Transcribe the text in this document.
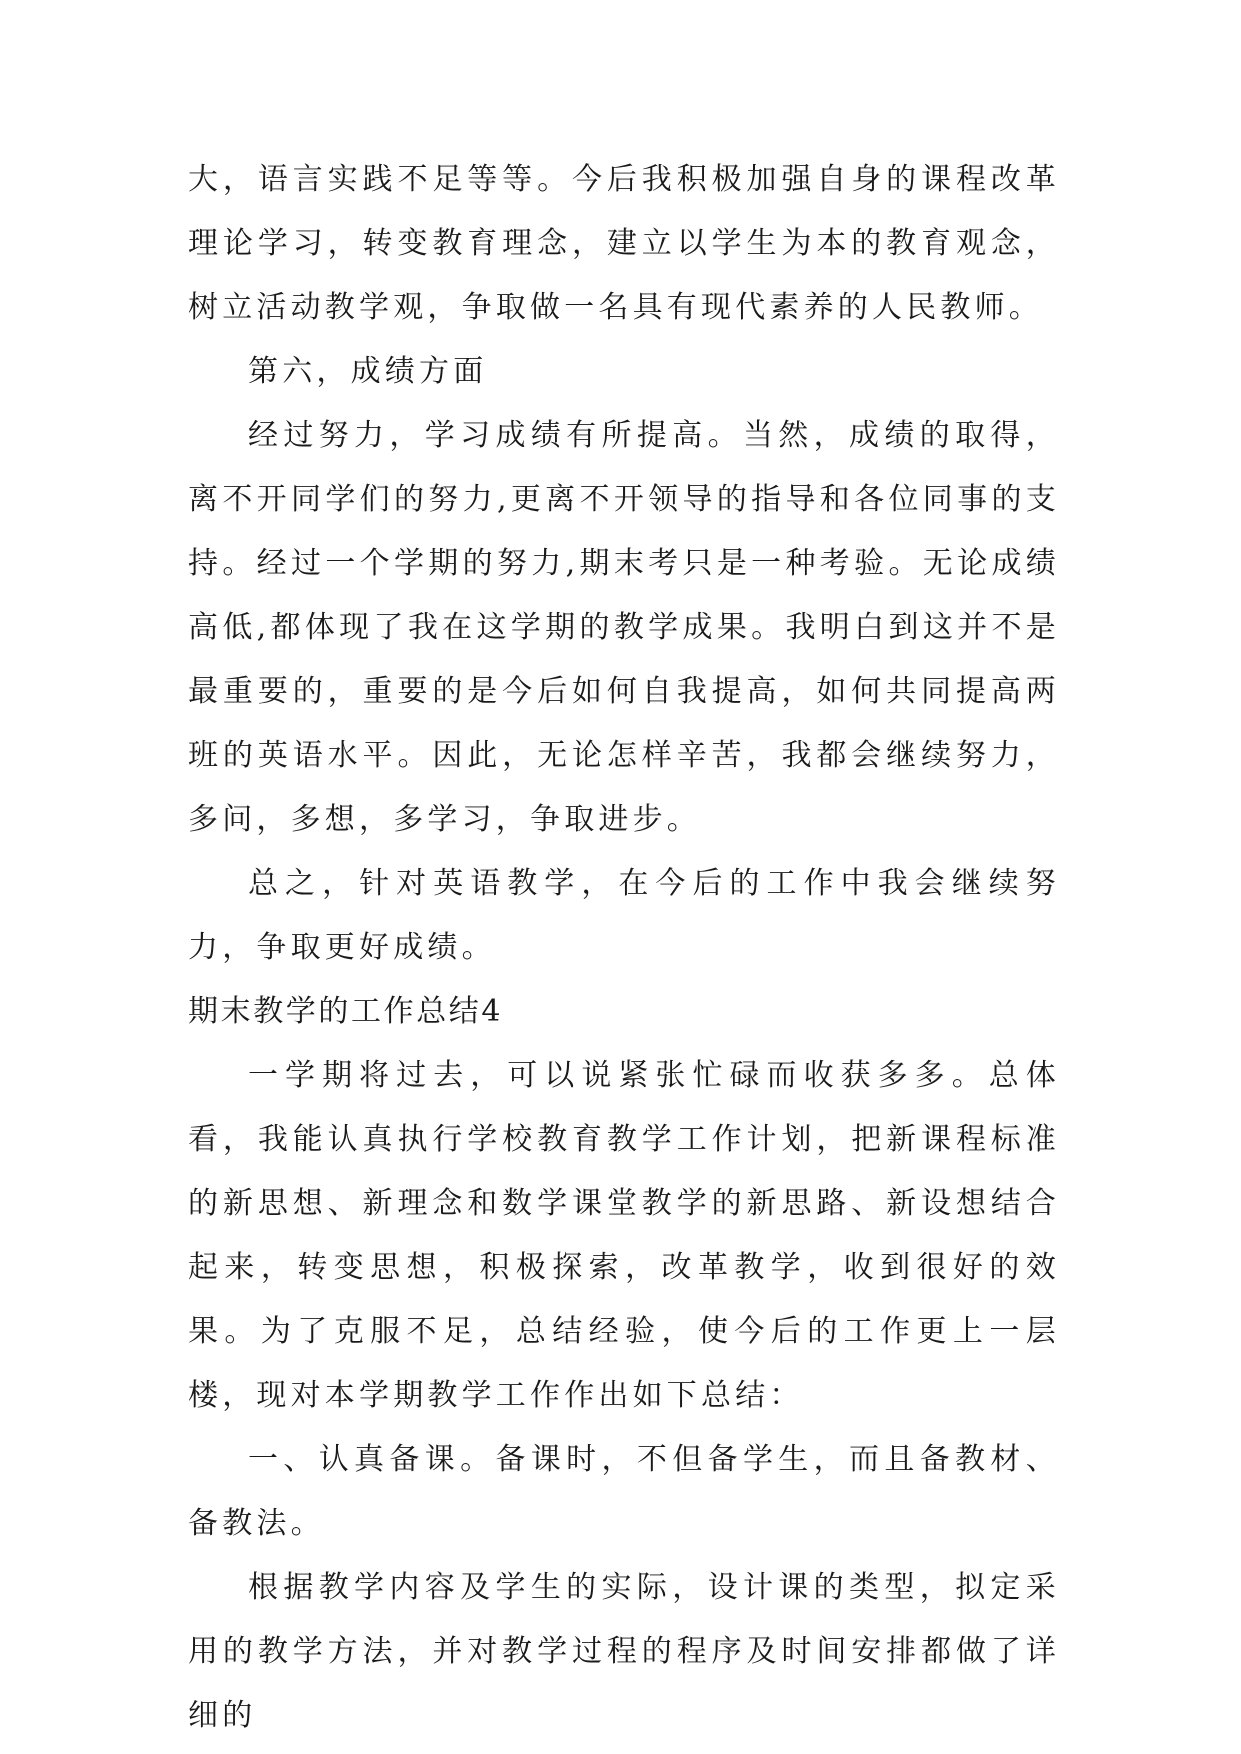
大，语言实践不足等等。今后我积极加强自身的课程改革理论学习，转变教育理念，建立以学生为本的教育观念，树立活动教学观，争取做一名具有现代素养的人民教师。

第六，成绩方面

经过努力，学习成绩有所提高。当然，成绩的取得，离不开同学们的努力,更离不开领导的指导和各位同事的支持。经过一个学期的努力,期末考只是一种考验。无论成绩高低,都体现了我在这学期的教学成果。我明白到这并不是最重要的，重要的是今后如何自我提高，如何共同提高两班的英语水平。因此，无论怎样辛苦，我都会继续努力，多问，多想，多学习，争取进步。

总之，针对英语教学，在今后的工作中我会继续努力，争取更好成绩。

期末教学的工作总结4

一学期将过去，可以说紧张忙碌而收获多多。总体看，我能认真执行学校教育教学工作计划，把新课程标准的新思想、新理念和数学课堂教学的新思路、新设想结合起来，转变思想，积极探索，改革教学，收到很好的效果。为了克服不足，总结经验，使今后的工作更上一层楼，现对本学期教学工作作出如下总结：

一、认真备课。备课时，不但备学生，而且备教材、备教法。

根据教学内容及学生的实际，设计课的类型，拟定采用的教学方法，并对教学过程的程序及时间安排都做了详细的
